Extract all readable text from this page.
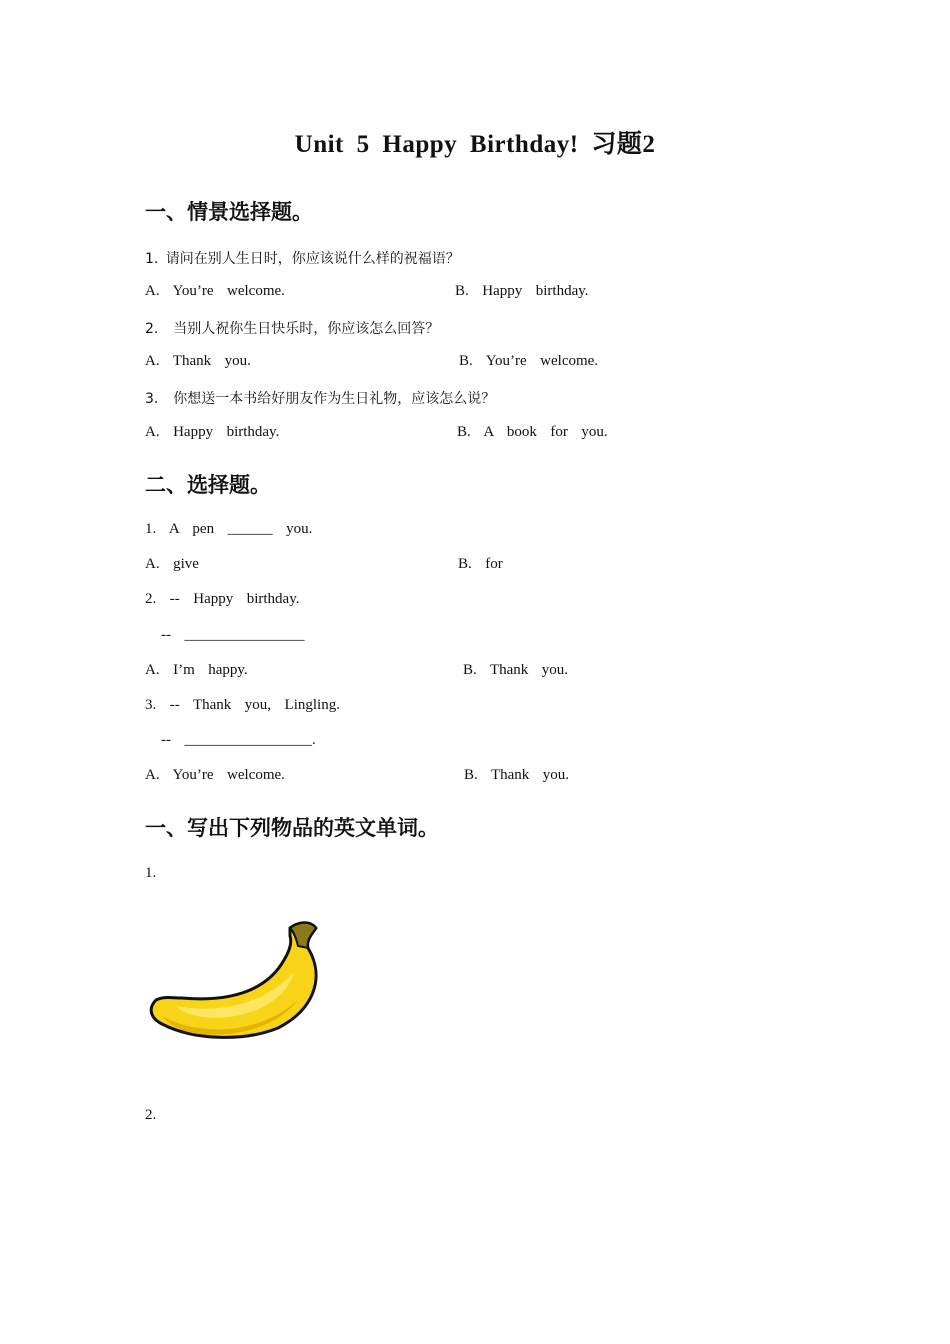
Unit 5 Happy Birthday! 习题2
一、情景选择题。
1. 请问在别人生日时，你应该说什么样的祝福语？
A.  You’re  welcome.	B.  Happy  birthday.
2.  当别人祝你生日快乐时，你应该怎么回答？
A.  Thank  you.	B.  You’re  welcome.
3.  你想送一本书给好朋友作为生日礼物，应该怎么说？
A.  Happy  birthday.	B.  A  book  for  you.
二、选择题。
1.  A  pen  ______  you.
A.  give	B.  for
2.  --  Happy  birthday.
--  ________________
A.  I’m  happy.	B.  Thank  you.
3.  --  Thank  you,  Lingling.
--  _________________.
A.  You’re  welcome.	B.  Thank  you.
一、写出下列物品的英文单词。
1.
2.
